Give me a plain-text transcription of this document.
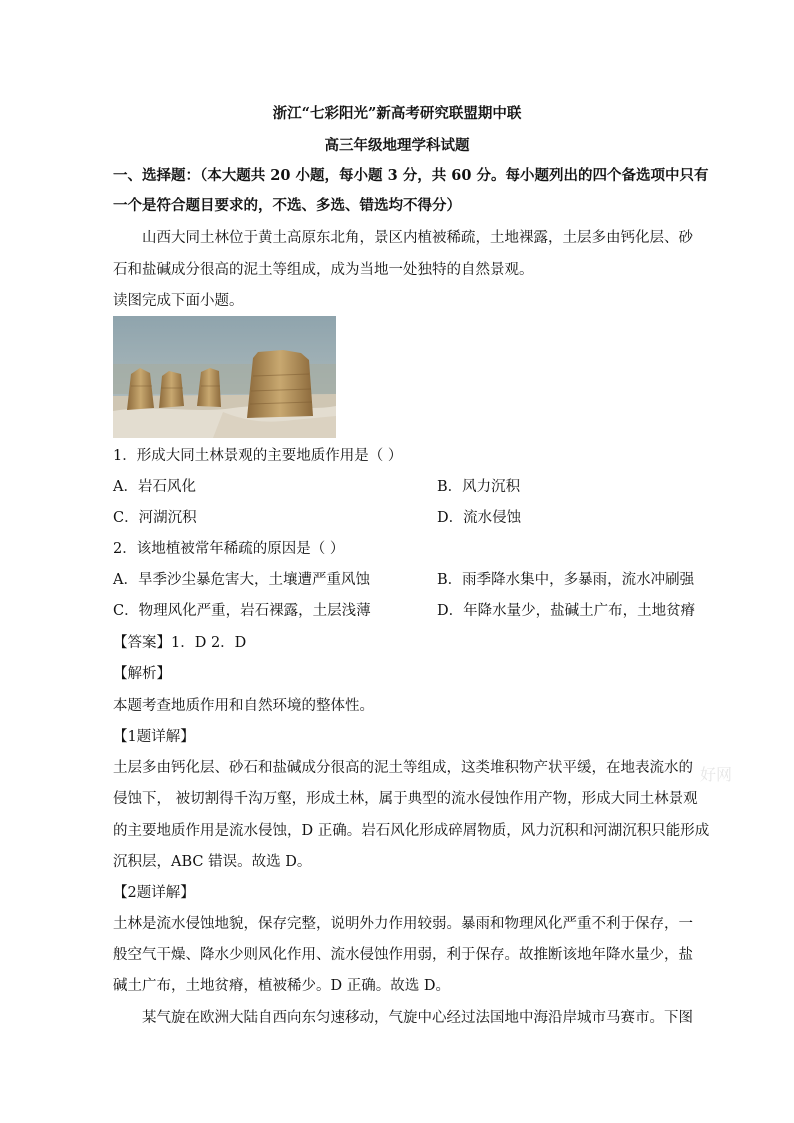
浙江“七彩阳光”新高考研究联盟期中联
高三年级地理学科试题
一、选择题：（本大题共 20 小题，每小题 3 分，共 60 分。每小题列出的四个备选项中只有
一个是符合题目要求的，不选、多选、错选均不得分）
山西大同土林位于黄土高原东北角，景区内植被稀疏，土地裸露，土层多由钙化层、砂
石和盐碱成分很高的泥土等组成，成为当地一处独特的自然景观。
读图完成下面小题。
1．形成大同土林景观的主要地质作用是（ ）
A．岩石风化	B．风力沉积
C．河湖沉积	D．流水侵蚀
2．该地植被常年稀疏的原因是（ ）
A．旱季沙尘暴危害大，土壤遭严重风蚀	B．雨季降水集中，多暴雨，流水冲刷强
C．物理风化严重，岩石裸露，土层浅薄	D．年降水量少，盐碱土广布，土地贫瘠
【答案】1．D 2．D
【解析】
本题考查地质作用和自然环境的整体性。
【1题详解】
土层多由钙化层、砂石和盐碱成分很高的泥土等组成，这类堆积物产状平缓，在地表流水的
侵蚀下， 被切割得千沟万壑，形成土林，属于典型的流水侵蚀作用产物，形成大同土林景观
的主要地质作用是流水侵蚀，D 正确。岩石风化形成碎屑物质，风力沉积和河湖沉积只能形成
沉积层，ABC 错误。故选 D。
【2题详解】
土林是流水侵蚀地貌，保存完整，说明外力作用较弱。暴雨和物理风化严重不利于保存，一
般空气干燥、降水少则风化作用、流水侵蚀作用弱，利于保存。故推断该地年降水量少，盐
碱土广布，土地贫瘠，植被稀少。D 正确。故选 D。
某气旋在欧洲大陆自西向东匀速移动，气旋中心经过法国地中海沿岸城市马赛市。下图
好网
